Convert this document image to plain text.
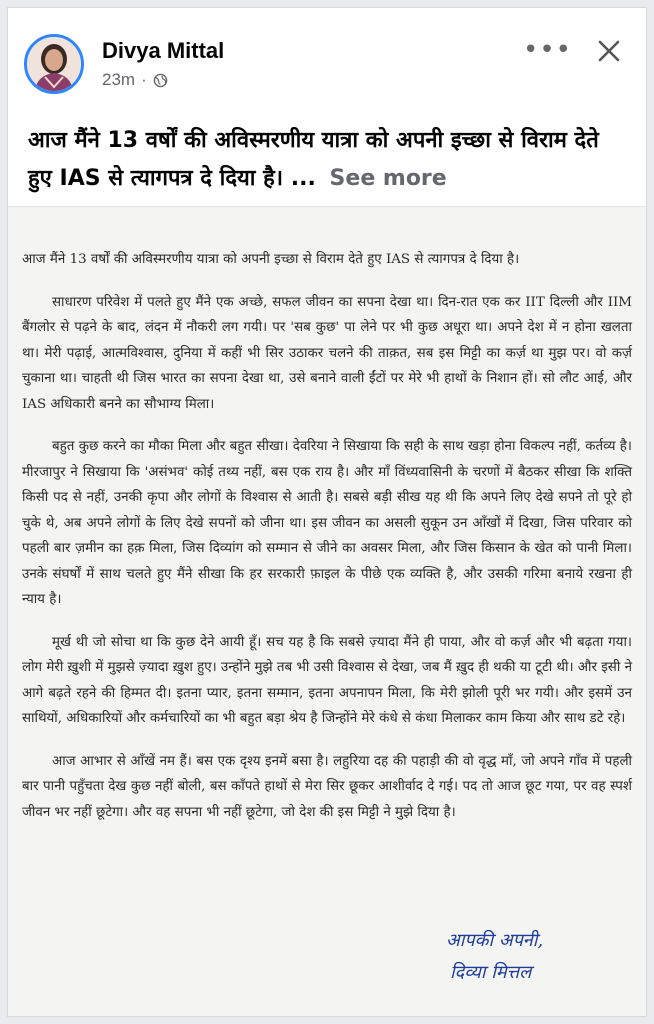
Divya Mittal
23m ·
•••
आज मैंने 13 वर्षों की अविस्मरणीय यात्रा को अपनी इच्छा से विराम देते हुए IAS से त्यागपत्र दे दिया है। ... See more

आज मैंने 13 वर्षों की अविस्मरणीय यात्रा को अपनी इच्छा से विराम देते हुए IAS से त्यागपत्र दे दिया है।

साधारण परिवेश में पलते हुए मैंने एक अच्छे, सफल जीवन का सपना देखा था। दिन-रात एक कर IIT दिल्ली और IIM बैंगलोर से पढ़ने के बाद, लंदन में नौकरी लग गयी। पर 'सब कुछ' पा लेने पर भी कुछ अधूरा था। अपने देश में न होना खलता था। मेरी पढ़ाई, आत्मविश्वास, दुनिया में कहीं भी सिर उठाकर चलने की ताक़त, सब इस मिट्टी का कर्ज़ था मुझ पर। वो कर्ज़ चुकाना था। चाहती थी जिस भारत का सपना देखा था, उसे बनाने वाली ईंटों पर मेरे भी हाथों के निशान हों। सो लौट आई, और IAS अधिकारी बनने का सौभाग्य मिला।

बहुत कुछ करने का मौका मिला और बहुत सीखा। देवरिया ने सिखाया कि सही के साथ खड़ा होना विकल्प नहीं, कर्तव्य है। मीरजापुर ने सिखाया कि 'असंभव' कोई तथ्य नहीं, बस एक राय है। और माँ विंध्यवासिनी के चरणों में बैठकर सीखा कि शक्ति किसी पद से नहीं, उनकी कृपा और लोगों के विश्वास से आती है। सबसे बड़ी सीख यह थी कि अपने लिए देखे सपने तो पूरे हो चुके थे, अब अपने लोगों के लिए देखे सपनों को जीना था। इस जीवन का असली सुकून उन आँखों में दिखा, जिस परिवार को पहली बार ज़मीन का हक़ मिला, जिस दिव्यांग को सम्मान से जीने का अवसर मिला, और जिस किसान के खेत को पानी मिला। उनके संघर्षों में साथ चलते हुए मैंने सीखा कि हर सरकारी फ़ाइल के पीछे एक व्यक्ति है, और उसकी गरिमा बनाये रखना ही न्याय है।

मूर्ख थी जो सोचा था कि कुछ देने आयी हूँ। सच यह है कि सबसे ज़्यादा मैंने ही पाया, और वो कर्ज़ और भी बढ़ता गया। लोग मेरी ख़ुशी में मुझसे ज़्यादा ख़ुश हुए। उन्होंने मुझे तब भी उसी विश्वास से देखा, जब मैं ख़ुद ही थकी या टूटी थी। और इसी ने आगे बढ़ते रहने की हिम्मत दी। इतना प्यार, इतना सम्मान, इतना अपनापन मिला, कि मेरी झोली पूरी भर गयी। और इसमें उन साथियों, अधिकारियों और कर्मचारियों का भी बहुत बड़ा श्रेय है जिन्होंने मेरे कंधे से कंधा मिलाकर काम किया और साथ डटे रहे।

आज आभार से आँखें नम हैं। बस एक दृश्य इनमें बसा है। लहुरिया दह की पहाड़ी की वो वृद्ध माँ, जो अपने गाँव में पहली बार पानी पहुँचता देख कुछ नहीं बोली, बस काँपते हाथों से मेरा सिर छूकर आशीर्वाद दे गई। पद तो आज छूट गया, पर वह स्पर्श जीवन भर नहीं छूटेगा। और वह सपना भी नहीं छूटेगा, जो देश की इस मिट्टी ने मुझे दिया है।

आपकी अपनी,
दिव्या मित्तल
